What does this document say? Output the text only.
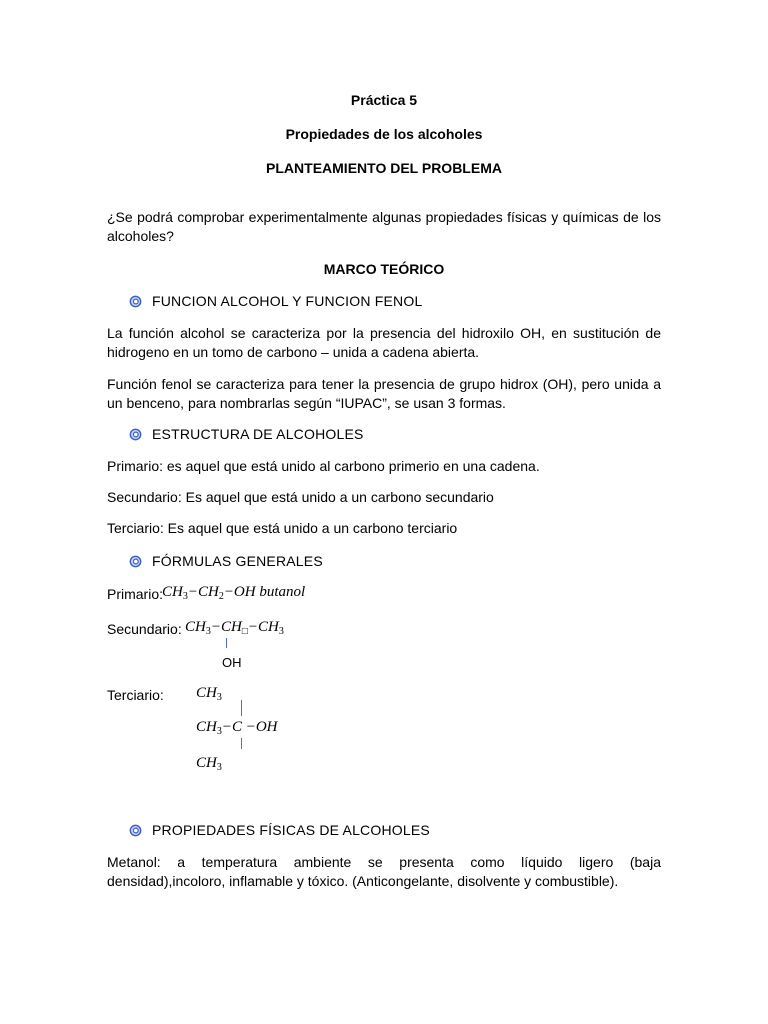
Práctica 5
Propiedades de los alcoholes
PLANTEAMIENTO DEL PROBLEMA
¿Se podrá comprobar experimentalmente algunas propiedades físicas y químicas de los alcoholes?
MARCO TEÓRICO
FUNCION ALCOHOL Y FUNCION FENOL
La función alcohol se caracteriza por la presencia del hidroxilo OH, en sustitución de hidrogeno en un tomo de carbono – unida a cadena abierta.
Función fenol se caracteriza para tener la presencia de grupo hidrox (OH), pero unida a un benceno, para nombrarlas según “IUPAC”, se usan 3 formas.
ESTRUCTURA DE ALCOHOLES
Primario: es aquel que está unido al carbono primerio en una cadena.
Secundario: Es aquel que está unido a un carbono secundario
Terciario: Es aquel que está unido a un carbono terciario
FÓRMULAS GENERALES
Primario:
$CH_3-CH_2-OH$ butanol
Secundario: $CH_3-CH_□-CH_3$
OH
Terciario: $CH_3$
$CH_3-C -OH$
$CH_3$
PROPIEDADES FÍSICAS DE ALCOHOLES
Metanol: a temperatura ambiente se presenta como líquido ligero (baja densidad),incoloro, inflamable y tóxico. (Anticongelante, disolvente y combustible).
